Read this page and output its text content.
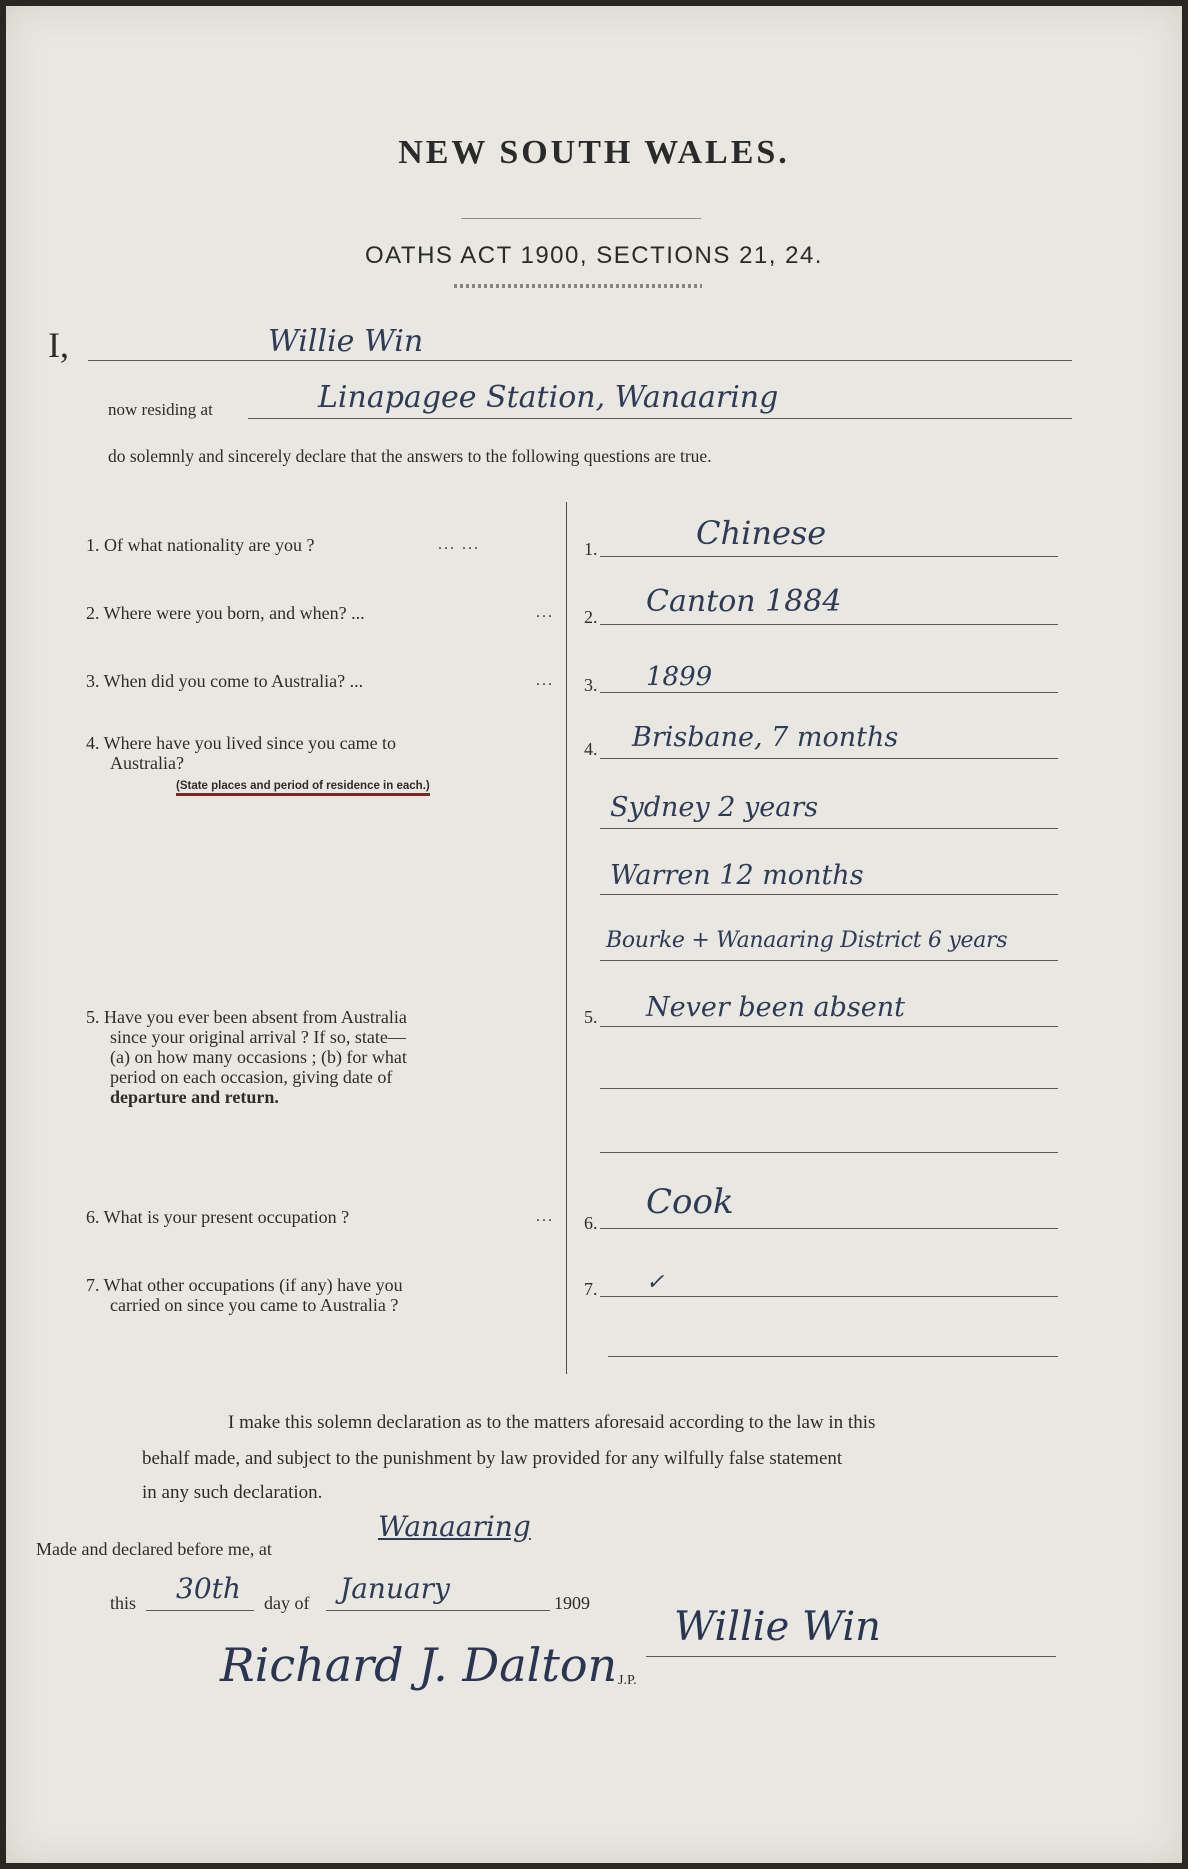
NEW SOUTH WALES.
OATHS ACT 1900, SECTIONS 21, 24.
I,	Willie Win
now residing at	Linapagee Station, Wanaaring
do solemnly and sincerely declare that the answers to the following questions are true.
1. Of what nationality are you ?	... ...	1.	Chinese
2. Where were you born, and when? ...	... 2. Canton 1884
3. When did you come to Australia? ...	... 3. 1899
4. Where have you lived since you came to
Australia?
(State places and period of residence in each.)
4. Brisbane, 7 months
Sydney 2 years
Warren 12 months
Bourke + Wanaaring District 6 years
5. Have you ever been absent from Australia
since your original arrival ? If so, state—
(a) on how many occasions ; (b) for what
period on each occasion, giving date of
departure and return.
5. Never been absent
6. What is your present occupation ?	... 6.
Cook
7. What other occupations (if any) have you
carried on since you came to Australia ?
7. ✓
I make this solemn declaration as to the matters aforesaid according to the law in this
behalf made, and subject to the punishment by law provided for any wilfully false statement
in any such declaration.
Made and declared before me, at
Wanaaring
this 30th day of January	1909
Willie Win
Richard J. Dalton J.P.
